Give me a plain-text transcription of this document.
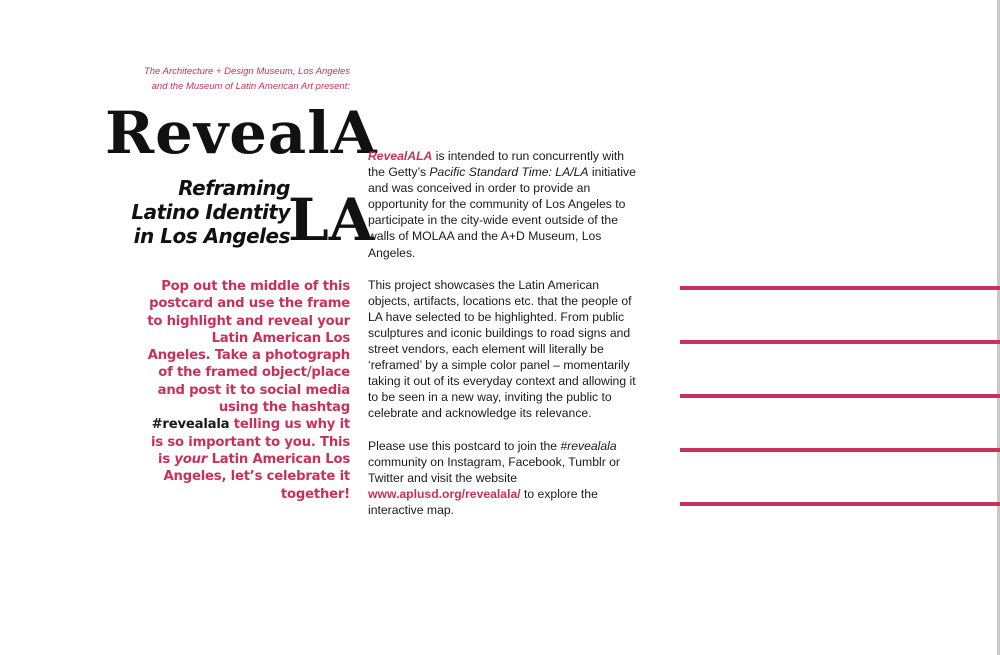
The Architecture + Design Museum, Los Angeles
and the Museum of Latin American Art present:
RevealA
LA
Reframing
Latino Identity
in Los Angeles
Pop out the middle of this postcard and use the frame to highlight and reveal your Latin American Los Angeles. Take a photograph of the framed object/place and post it to social media using the hashtag #revealala telling us why it is so important to you. This is your Latin American Los Angeles, let’s celebrate it together!

RevealALA is intended to run concurrently with the Getty’s Pacific Standard Time: LA/LA initiative and was conceived in order to provide an opportunity for the community of Los Angeles to participate in the city-wide event outside of the walls of MOLAA and the A+D Museum, Los Angeles.

This project showcases the Latin American objects, artifacts, locations etc. that the people of LA have selected to be highlighted. From public sculptures and iconic buildings to road signs and street vendors, each element will literally be ‘reframed’ by a simple color panel – momentarily taking it out of its everyday context and allowing it to be seen in a new way, inviting the public to celebrate and acknowledge its relevance.

Please use this postcard to join the #revealala community on Instagram, Facebook, Tumblr or Twitter and visit the website www.aplusd.org/revealala/ to explore the interactive map.
